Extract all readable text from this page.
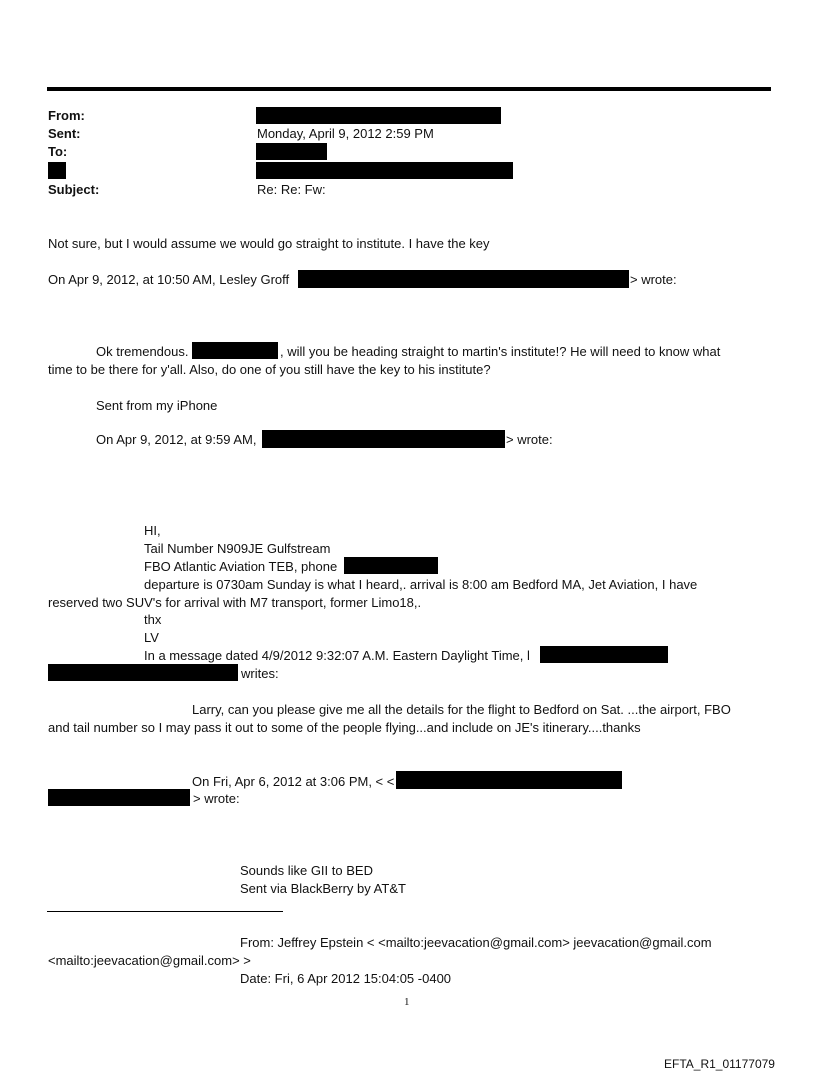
From:
Sent:	Monday, April 9, 2012 2:59 PM
To:
Subject:	Re: Re: Fw:
Not sure, but I would assume we would go straight to institute. I have the key
On Apr 9, 2012, at 10:50 AM, Lesley Groff	> wrote:
Ok tremendous.	, will you be heading straight to martin's institute!? He will need to know what
time to be there for y'all. Also, do one of you still have the key to his institute?
Sent from my iPhone
On Apr 9, 2012, at 9:59 AM,	> wrote:
HI,
Tail Number N909JE Gulfstream
FBO Atlantic Aviation TEB, phone
departure is 0730am Sunday is what I heard,. arrival is 8:00 am Bedford MA, Jet Aviation, I have
reserved two SUV's for arrival with M7 transport, former Limo18,.
thx
LV
In a message dated 4/9/2012 9:32:07 A.M. Eastern Daylight Time, l
writes:
Larry, can you please give me all the details for the flight to Bedford on Sat. ...the airport, FBO
and tail number so I may pass it out to some of the people flying...and include on JE's itinerary....thanks
On Fri, Apr 6, 2012 at 3:06 PM, < <
> wrote:
Sounds like GII to BED
Sent via BlackBerry by AT&T
From: Jeffrey Epstein < <mailto:jeevacation@gmail.com> jeevacation@gmail.com
<mailto:jeevacation@gmail.com> >
Date: Fri, 6 Apr 2012 15:04:05 -0400
1
EFTA_R1_01177079
